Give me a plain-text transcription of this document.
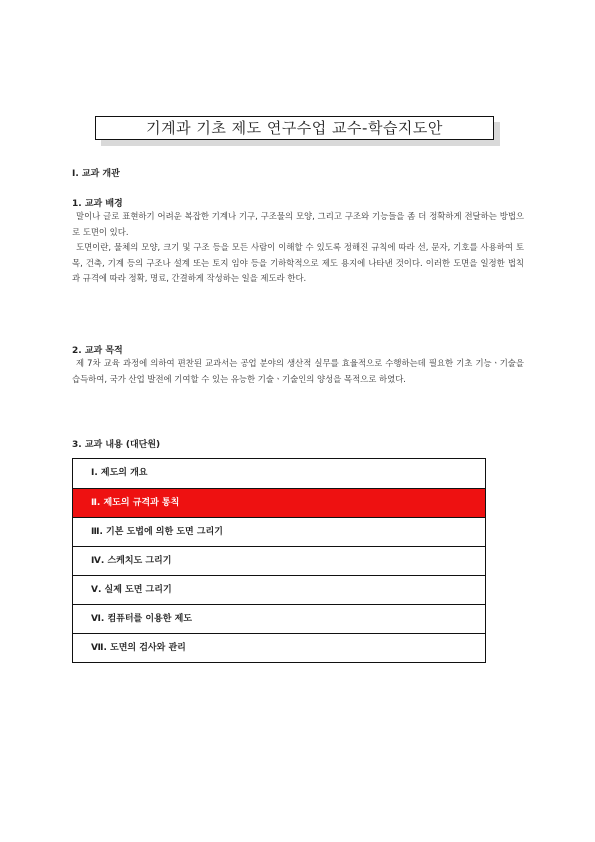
기계과 기초 제도 연구수업 교수-학습지도안
Ⅰ. 교과 개관
1. 교과 배경

말이나 글로 표현하기 어려운 복잡한 기계나 기구, 구조물의 모양, 그리고 구조와 기능들을 좀 더 정확하게 전달하는 방법으로 도면이 있다.

도면이란, 물체의 모양, 크기 및 구조 등을 모든 사람이 이해할 수 있도록 정해진 규칙에 따라 선, 문자, 기호를 사용하여 토목, 건축, 기계 등의 구조나 설계 또는 토지 임야 등을 기하학적으로 제도 용지에 나타낸 것이다. 이러한 도면을 일정한 법칙과 규격에 따라 정확, 명료, 간결하게 작성하는 일을 제도라 한다.

2. 교과 목적

제 7차 교육 과정에 의하여 편찬된 교과서는 공업 분야의 생산적 실무를 효율적으로 수행하는데 필요한 기초 기능ㆍ기술을 습득하여, 국가 산업 발전에 기여할 수 있는 유능한 기술ㆍ기술인의 양성을 목적으로 하였다.

3. 교과 내용 (대단원)
Ⅰ. 제도의 개요
Ⅱ. 제도의 규격과 통칙
Ⅲ. 기본 도법에 의한 도면 그리기
Ⅳ. 스케치도 그리기
Ⅴ. 실제 도면 그리기
Ⅵ. 컴퓨터를 이용한 제도
Ⅶ. 도면의 검사와 관리
